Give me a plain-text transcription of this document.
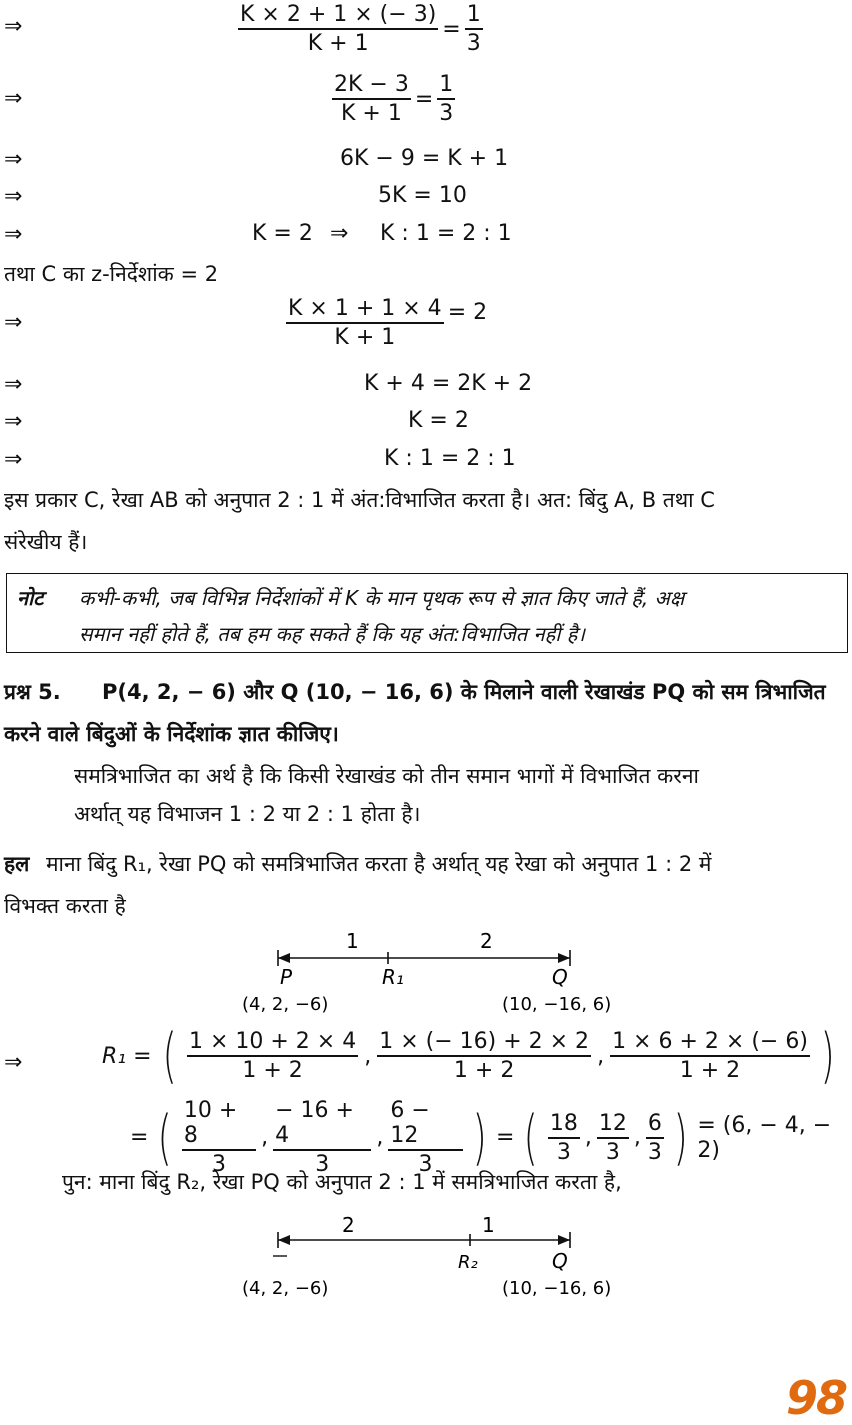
⇒	$\frac{K \times 2 + 1 \times (- 3)}{K + 1} = \frac{1}{3}$
⇒	$\frac{2K - 3}{K + 1} = \frac{1}{3}$
⇒	6K − 9 = K + 1
⇒	5K = 10
⇒	K = 2 ⇒ K : 1 = 2 : 1
तथा C का z-निर्देशांक = 2
⇒	$\frac{K \times 1 + 1 \times 4}{K + 1} = 2$
⇒	K + 4 = 2K + 2
⇒	K = 2
⇒	K : 1 = 2 : 1
इस प्रकार C, रेखा AB को अनुपात 2 : 1 में अंत:विभाजित करता है। अत: बिंदु A, B तथा C
संरेखीय हैं।
नोट कभी-कभी, जब विभिन्न निर्देशांकों में K के मान पृथक रूप से ज्ञात किए जाते हैं, अक्ष
समान नहीं होते हैं, तब हम कह सकते हैं कि यह अंत:विभाजित नहीं है।
प्रश्न 5. P(4, 2, − 6) और Q (10, − 16, 6) के मिलाने वाली रेखाखंड PQ को सम त्रिभाजित
करने वाले बिंदुओं के निर्देशांक ज्ञात कीजिए।
समत्रिभाजित का अर्थ है कि किसी रेखाखंड को तीन समान भागों में विभाजित करना
अर्थात् यह विभाजन 1 : 2 या 2 : 1 होता है।
हल माना बिंदु R₁, रेखा PQ को समत्रिभाजित करता है अर्थात् यह रेखा को अनुपात 1 : 2 में
विभक्त करता है
1	2
P	R₁	Q
(4, 2, −6)	(10, −16, 6)
⇒	R₁ = ( $\frac{1 \times 10 + 2 \times 4}{1 + 2}$ , $\frac{1 \times (- 16) + 2 \times 2}{1 + 2}$ , $\frac{1 \times 6 + 2 \times (- 6)}{1 + 2}$ )
= ( $\frac{10 + 8}{3}$ , $\frac{- 16 + 4}{3}$ , $\frac{6 - 12}{3}$ ) = ( $\frac{18}{3}$ , $\frac{12}{3}$ , $\frac{6}{3}$ ) = (6, − 4, − 2)
पुन: माना बिंदु R₂, रेखा PQ को अनुपात 2 : 1 में समत्रिभाजित करता है,
2	1
R₂	Q
(4, 2, −6)	(10, −16, 6)
98
